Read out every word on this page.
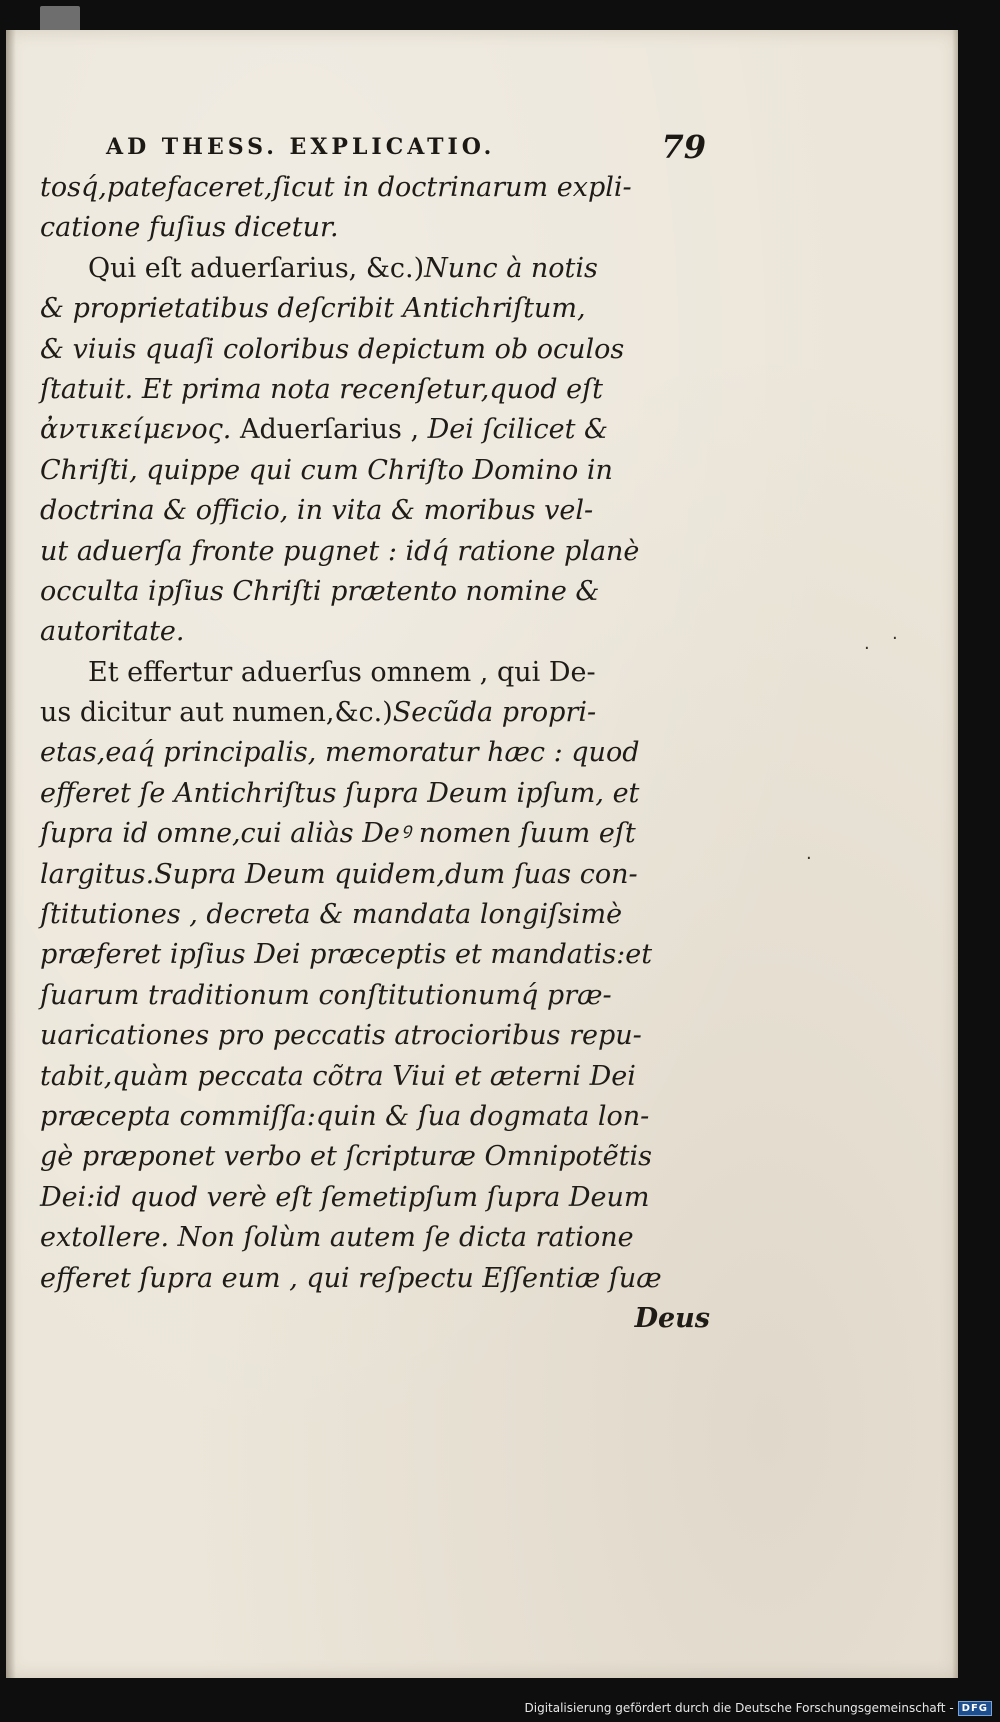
AD THESS. EXPLICATIO.	79
tosq́,patefaceret,ſicut in doctrinarum expli-
catione fuſius dicetur.
Qui eſt aduerſarius, &c.)Nunc à notis
& proprietatibus deſcribit Antichriſtum,
& viuis quaſi coloribus depictum ob oculos
ſtatuit. Et prima nota recenſetur,quod eſt
ἀντικείμενος. Aduerſarius , Dei ſcilicet &
Chriſti, quippe qui cum Chriſto Domino in
doctrina & officio, in vita & moribus vel-
ut aduerſa fronte pugnet : idq́ ratione planè
occulta ipſius Chriſti prætento nomine &
autoritate.
Et effertur aduerſus omnem , qui De-
us dicitur aut numen,&c.)Secũda propri-
etas,eaq́ principalis, memoratur hæc : quod
efferet ſe Antichriſtus ſupra Deum ipſum, et
ſupra id omne,cui aliàs Deꝰ nomen ſuum eſt
largitus.Supra Deum quidem,dum ſuas con-
ſtitutiones , decreta & mandata longiſsimè
præferet ipſius Dei præceptis et mandatis:et
ſuarum traditionum conſtitutionumq́ præ-
uaricationes pro peccatis atrocioribus repu-
tabit,quàm peccata cõtra Viui et æterni Dei
præcepta commiſſa:quin & ſua dogmata lon-
gè præponet verbo et ſcripturæ Omnipotẽtis
Dei:id quod verè eſt ſemetipſum ſupra Deum
extollere. Non ſolùm autem ſe dicta ratione
efferet ſupra eum , qui reſpectu Eſſentiæ ſuæ
Deus
· ·
·
Digitalisierung gefördert durch die Deutsche Forschungsgemeinschaft - DFG
